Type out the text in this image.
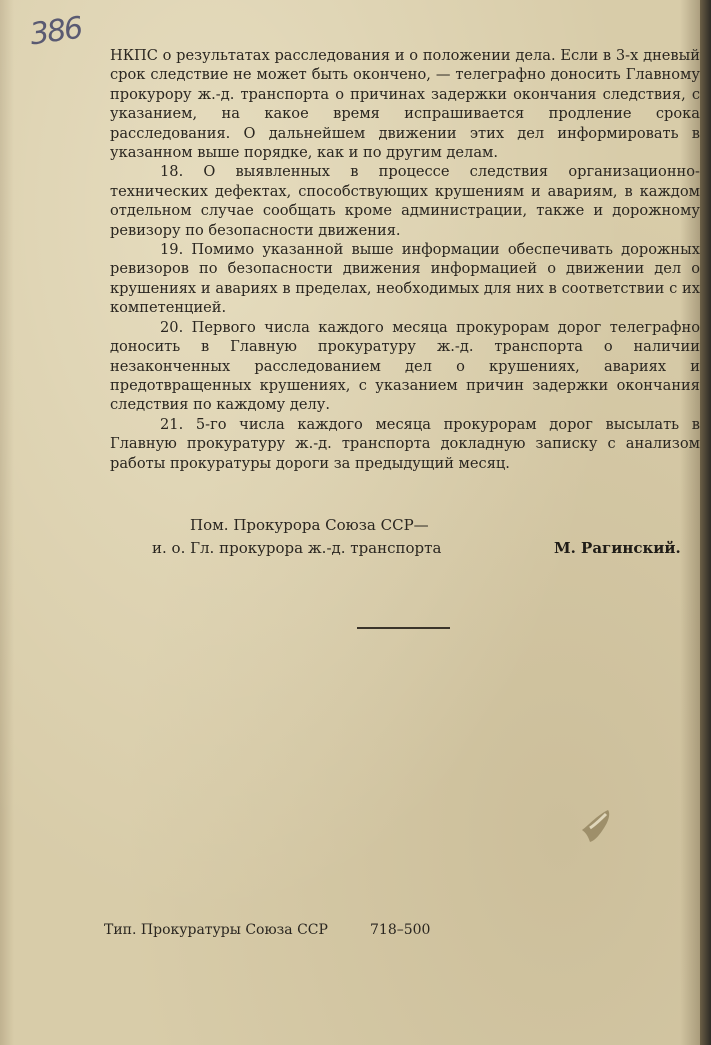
386

НКПС о результатах расследования и о положении дела. Если в 3-х дневый срок следствие не может быть окончено, — телеграфно доносить Главному прокурору ж.-д. транспорта о причинах задержки окончания следствия, с указанием, на какое время испрашивается продление срока расследования. О дальнейшем движении этих дел информировать в указанном выше порядке, как и по другим делам.

18. О выявленных в процессе следствия организационно-технических дефектах, способствующих крушениям и авариям, в каждом отдельном случае сообщать кроме администрации, также и дорожному ревизору по безопасности движения.

19. Помимо указанной выше информации обеспечивать дорожных ревизоров по безопасности движения информацией о движении дел о крушениях и авариях в пределах, необходимых для них в соответствии с их компетенцией.

20. Первого числа каждого месяца прокурорам дорог телеграфно доносить в Главную прокуратуру ж.-д. транспорта о наличии незаконченных расследованием дел о крушениях, авариях и предотвращенных крушениях, с указанием причин задержки окончания следствия по каждому делу.

21. 5-го числа каждого месяца прокурорам дорог высылать в Главную прокуратуру ж.-д. транспорта докладную записку с анализом работы прокуратуры дороги за предыдущий месяц.

Пом. Прокурора Союза ССР—
и. о. Гл. прокурора ж.-д. транспорта	М. Рагинский.
Тип. Прокуратуры Союза ССР	718–500
